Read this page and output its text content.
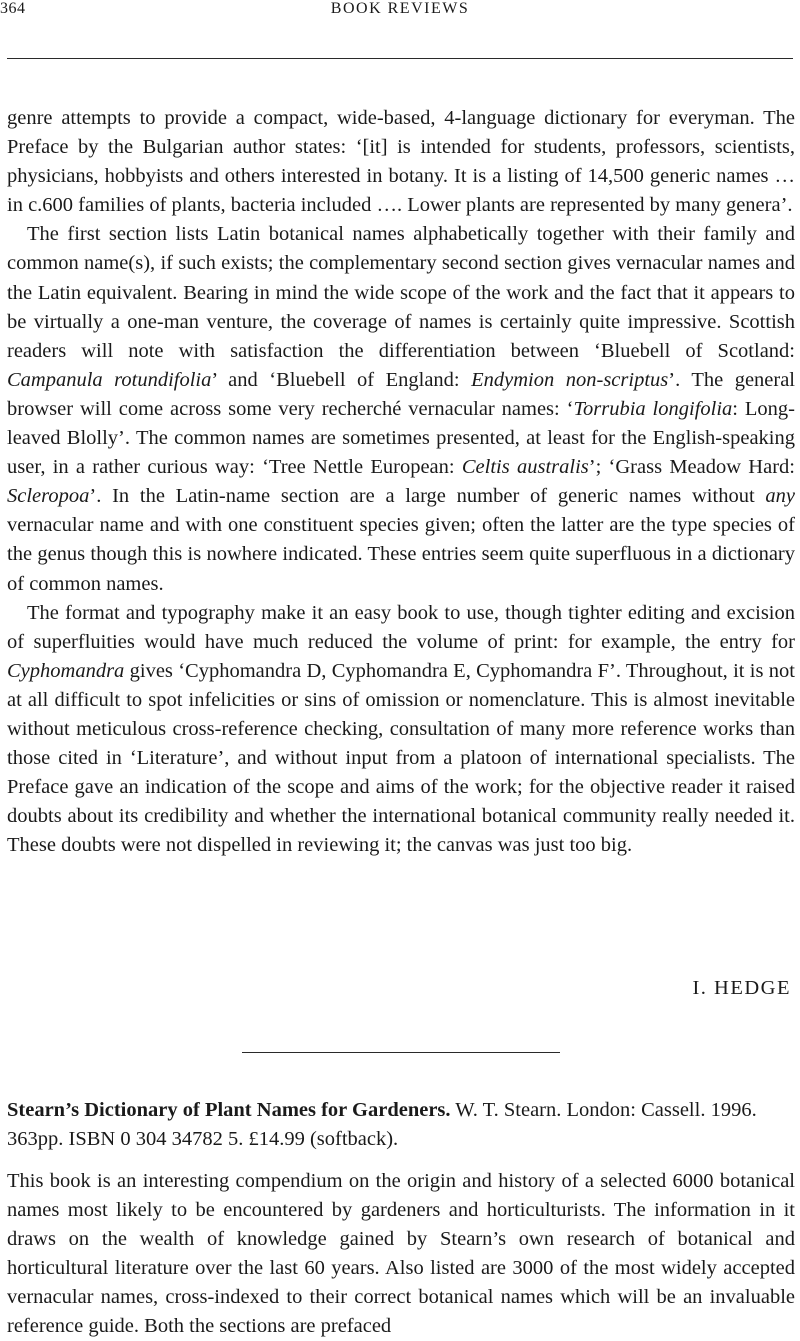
364	BOOK REVIEWS

genre attempts to provide a compact, wide-based, 4-language dictionary for everyman. The Preface by the Bulgarian author states: ‘[it] is intended for students, professors, scientists, physicians, hobbyists and others interested in botany. It is a listing of 14,500 generic names … in c.600 families of plants, bacteria included …. Lower plants are represented by many genera’.

The first section lists Latin botanical names alphabetically together with their family and common name(s), if such exists; the complementary second section gives vernacular names and the Latin equivalent. Bearing in mind the wide scope of the work and the fact that it appears to be virtually a one-man venture, the coverage of names is certainly quite impressive. Scottish readers will note with satisfaction the differentiation between ‘Bluebell of Scotland: Campanula rotundifolia’ and ‘Bluebell of England: Endymion non-scriptus’. The general browser will come across some very recherché vernacular names: ‘Torrubia longifolia: Long-leaved Blolly’. The common names are sometimes presented, at least for the English-speaking user, in a rather curious way: ‘Tree Nettle European: Celtis australis’; ‘Grass Meadow Hard: Scleropoa’. In the Latin-name section are a large number of generic names without any vernacular name and with one constituent species given; often the latter are the type species of the genus though this is nowhere indicated. These entries seem quite superfluous in a dictionary of common names.

The format and typography make it an easy book to use, though tighter editing and excision of superfluities would have much reduced the volume of print: for example, the entry for Cyphomandra gives ‘Cyphomandra D, Cyphomandra E, Cyphomandra F’. Throughout, it is not at all difficult to spot infelicities or sins of omission or nomenclature. This is almost inevitable without meticulous cross-reference checking, consultation of many more reference works than those cited in ‘Literature’, and without input from a platoon of international specialists. The Preface gave an indication of the scope and aims of the work; for the objective reader it raised doubts about its credibility and whether the international botanical community really needed it. These doubts were not dispelled in reviewing it; the canvas was just too big.

I. HEDGE
Stearn’s Dictionary of Plant Names for Gardeners. W. T. Stearn. London: Cassell. 1996. 363pp. ISBN 0 304 34782 5. £14.99 (softback).

This book is an interesting compendium on the origin and history of a selected 6000 botanical names most likely to be encountered by gardeners and horticulturists. The information in it draws on the wealth of knowledge gained by Stearn’s own research of botanical and horticultural literature over the last 60 years. Also listed are 3000 of the most widely accepted vernacular names, cross-indexed to their correct botanical names which will be an invaluable reference guide. Both the sections are prefaced
